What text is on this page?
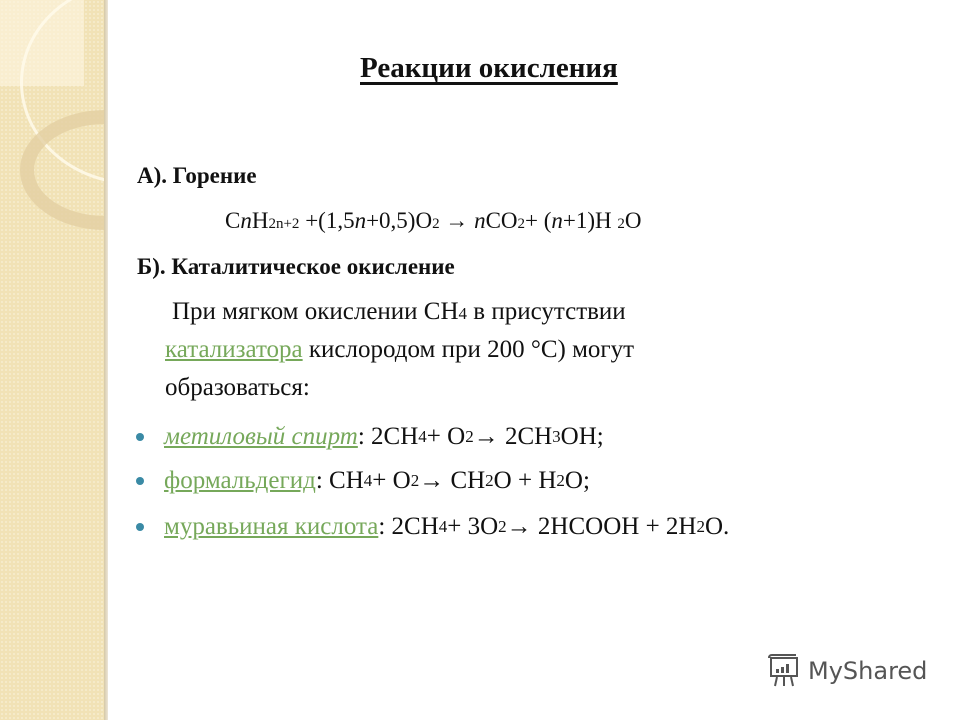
Реакции окисления
А). Горение
CnH2n+2 +(1,5n+0,5)O2 → nCO2+ (n+1)H 2O
Б). Каталитическое окисление
При мягком окислении CH4 в присутствии
катализатора кислородом при 200 °C) могут
образоваться:
метиловый спирт : 2CH 4 + O 2 → 2CH 3 OH;
формальдегид : CH 4 + O 2 → CH 2 O + H 2 O;
муравьиная кислота : 2CH 4 + 3O 2 → 2HCOOH + 2H 2 O.
MyShared
